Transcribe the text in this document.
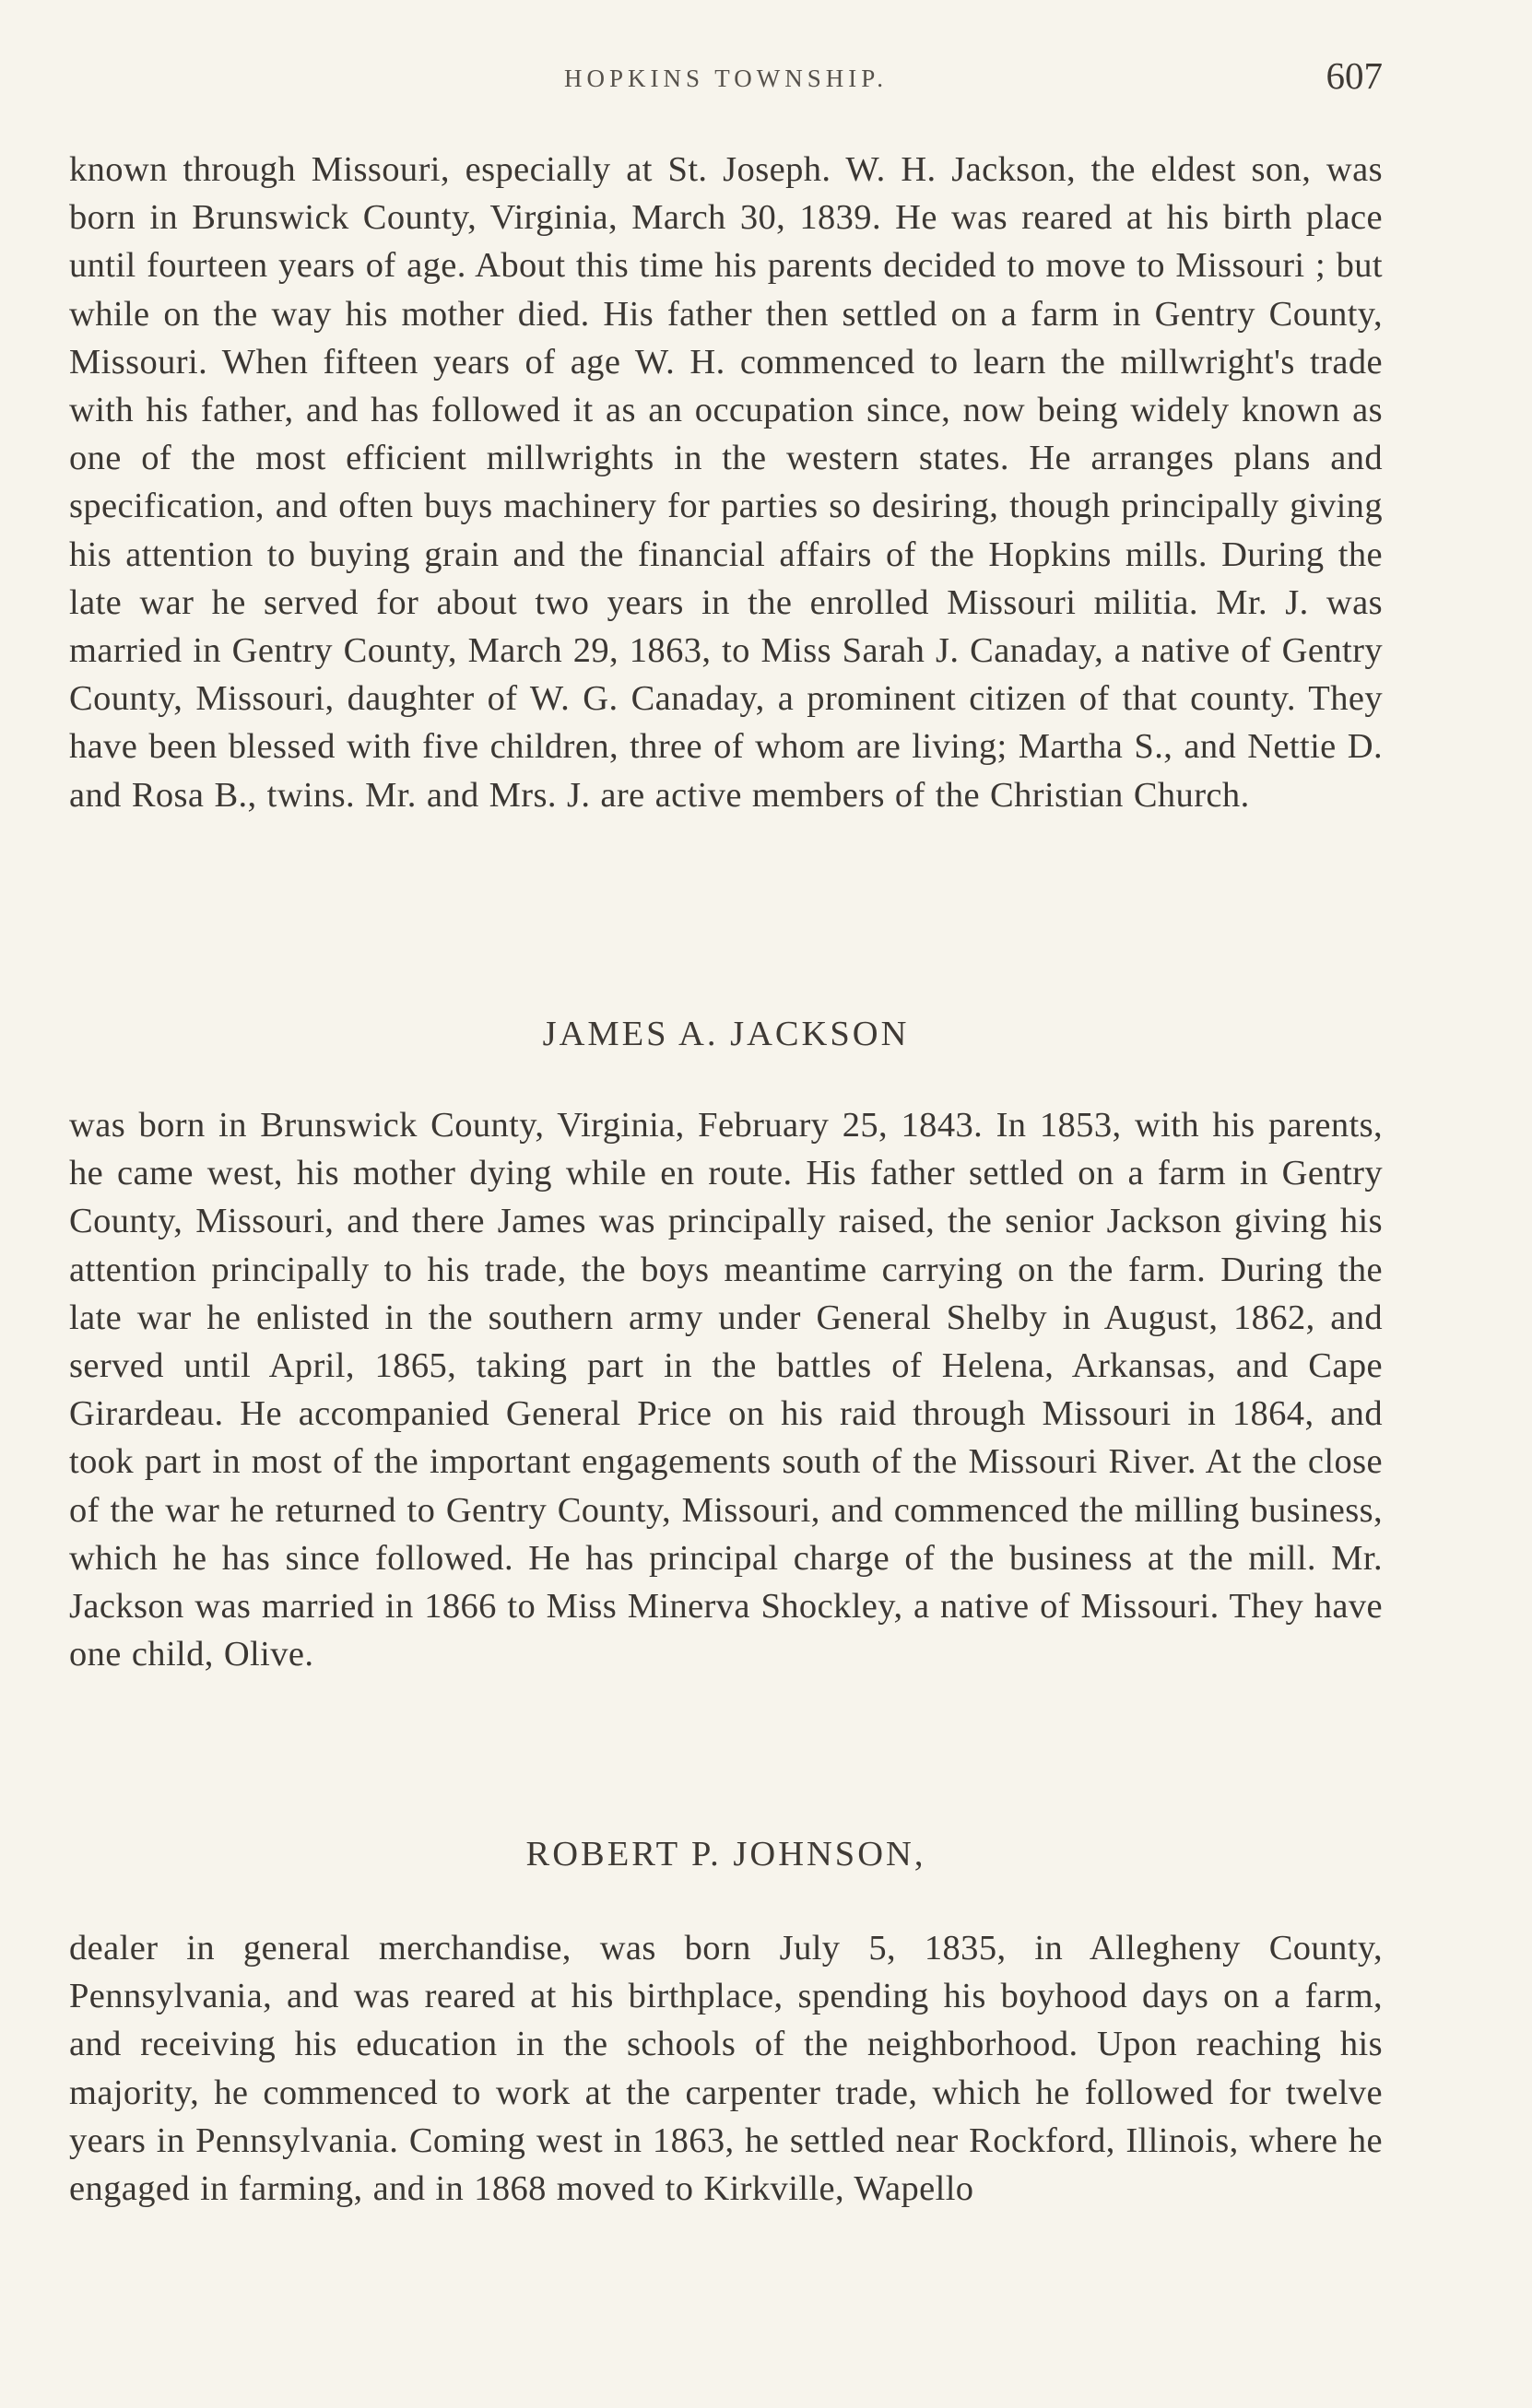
HOPKINS TOWNSHIP.	607

known through Missouri, especially at St. Joseph. W. H. Jackson, the eldest son, was born in Brunswick County, Virginia, March 30, 1839. He was reared at his birth place until fourteen years of age. About this time his parents decided to move to Missouri ; but while on the way his mother died. His father then settled on a farm in Gentry County, Missouri. When fifteen years of age W. H. commenced to learn the millwright's trade with his father, and has followed it as an occupation since, now being widely known as one of the most efficient millwrights in the western states. He arranges plans and specification, and often buys machinery for parties so desiring, though principally giving his attention to buying grain and the financial affairs of the Hopkins mills. During the late war he served for about two years in the enrolled Missouri militia. Mr. J. was married in Gentry County, March 29, 1863, to Miss Sarah J. Canaday, a native of Gentry County, Missouri, daughter of W. G. Canaday, a prominent citizen of that county. They have been blessed with five children, three of whom are living; Martha S., and Nettie D. and Rosa B., twins. Mr. and Mrs. J. are active members of the Christian Church.

JAMES A. JACKSON

was born in Brunswick County, Virginia, February 25, 1843. In 1853, with his parents, he came west, his mother dying while en route. His father settled on a farm in Gentry County, Missouri, and there James was principally raised, the senior Jackson giving his attention principally to his trade, the boys meantime carrying on the farm. During the late war he enlisted in the southern army under General Shelby in August, 1862, and served until April, 1865, taking part in the battles of Helena, Arkansas, and Cape Girardeau. He accompanied General Price on his raid through Missouri in 1864, and took part in most of the important engagements south of the Missouri River. At the close of the war he returned to Gentry County, Missouri, and commenced the milling business, which he has since followed. He has principal charge of the business at the mill. Mr. Jackson was married in 1866 to Miss Minerva Shockley, a native of Missouri. They have one child, Olive.

ROBERT P. JOHNSON,

dealer in general merchandise, was born July 5, 1835, in Allegheny County, Pennsylvania, and was reared at his birthplace, spending his boyhood days on a farm, and receiving his education in the schools of the neighborhood. Upon reaching his majority, he commenced to work at the carpenter trade, which he followed for twelve years in Pennsylvania. Coming west in 1863, he settled near Rockford, Illinois, where he engaged in farming, and in 1868 moved to Kirkville, Wapello
